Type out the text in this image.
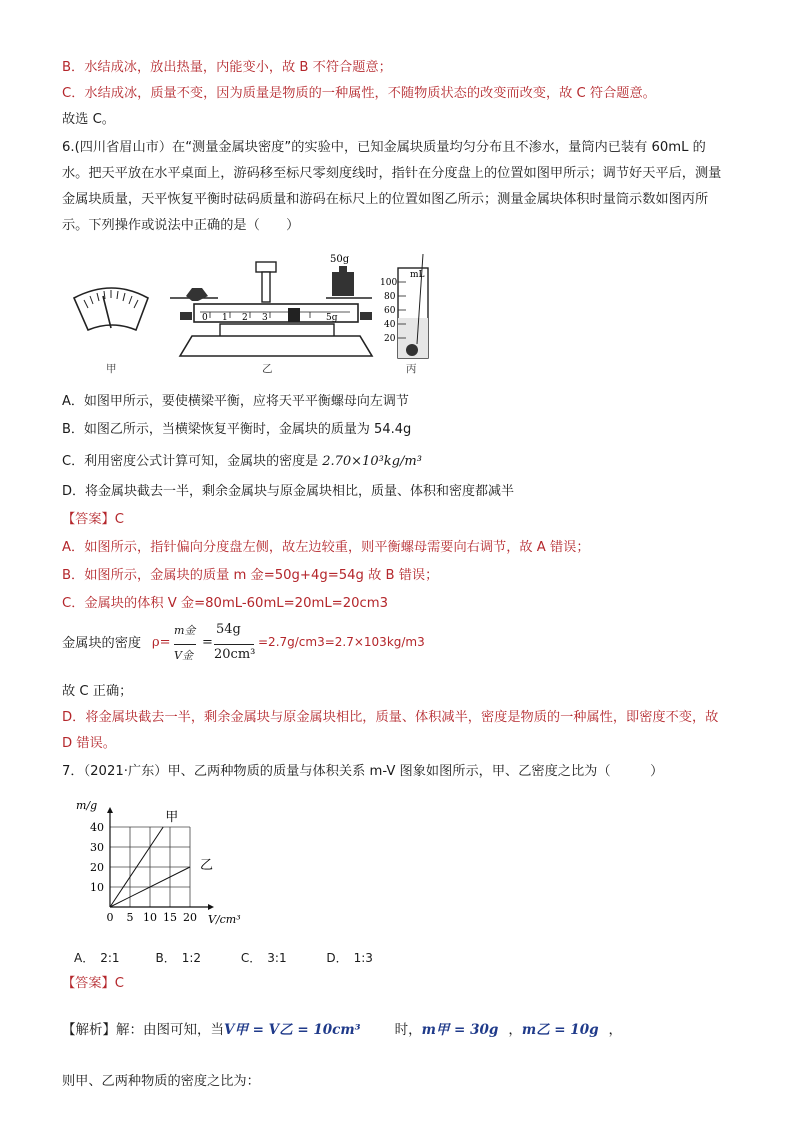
B．水结成冰，放出热量，内能变小，故 B 不符合题意；
C．水结成冰，质量不变，因为质量是物质的一种属性，不随物质状态的改变而改变，故 C 符合题意。
故选 C。
6.(四川省眉山市）在“测量金属块密度”的实验中，已知金属块质量均匀分布且不渗水，量筒内已装有 60mL 的
水。把天平放在水平桌面上，游码移至标尺零刻度线时，指针在分度盘上的位置如图甲所示；调节好天平后，测量
金属块质量，天平恢复平衡时砝码质量和游码在标尺上的位置如图乙所示；测量金属块体积时量筒示数如图丙所
示。下列操作或说法中正确的是（　　）
甲
0 1 2 3	5g
50g
乙
mL
100
80
60
40
20
丙
A．如图甲所示，要使横梁平衡，应将天平平衡螺母向左调节
B．如图乙所示，当横梁恢复平衡时，金属块的质量为 54.4g
C．利用密度公式计算可知，金属块的密度是 2.70×10³kg/m³
D．将金属块截去一半，剩余金属块与原金属块相比，质量、体积和密度都减半
【答案】C
A．如图所示，指针偏向分度盘左侧，故左边较重，则平衡螺母需要向右调节，故 A 错误；
B．如图所示，金属块的质量 m 金=50g+4g=54g 故 B 错误；
C．金属块的体积 V 金=80mL-60mL=20mL=20cm3
金属块的密度 ρ=
m金
V金
=
54g
20cm³
=2.7g/cm3=2.7×103kg/m3
故 C 正确；
D．将金属块截去一半，剩余金属块与原金属块相比，质量、体积减半，密度是物质的一种属性，即密度不变，故
D 错误。
7．（2021·广东）甲、乙两种物质的质量与体积关系 m-V 图象如图所示，甲、乙密度之比为（　　　）
m/g
V/cm³
0 5 10 15 20
10
20
30
40
甲
乙
A．　2:1　　　B．　1:2　　　 C．　3:1　　　 D．　1:3
【答案】C
【解析】解：由图可知，当V甲 = V乙 = 10cm³	时，m甲 = 30g ，m乙 = 10g ，
则甲、乙两种物质的密度之比为：
